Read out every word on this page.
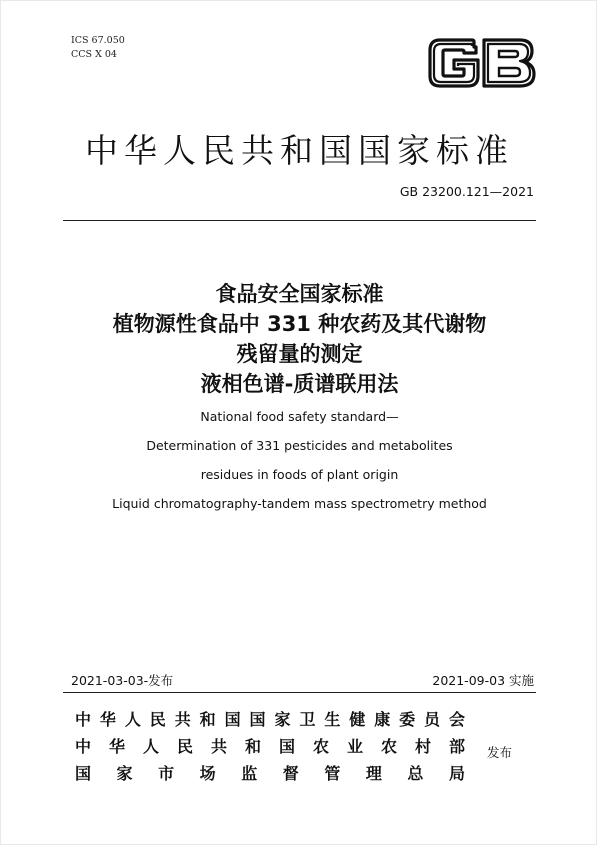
ICS 67.050
CCS X 04
GB
中华人民共和国国家标准
GB 23200.121—2021
食品安全国家标准
植物源性食品中 331 种农药及其代谢物
残留量的测定
液相色谱-质谱联用法
National food safety standard—
Determination of 331 pesticides and metabolites
residues in foods of plant origin
Liquid chromatography-tandem mass spectrometry method
2021-03-03-发布	2021-09-03 实施
中华人民共和国国家卫生健康委员会
中华人民共和国农业农村部
国家市场监督管理总局
发布
